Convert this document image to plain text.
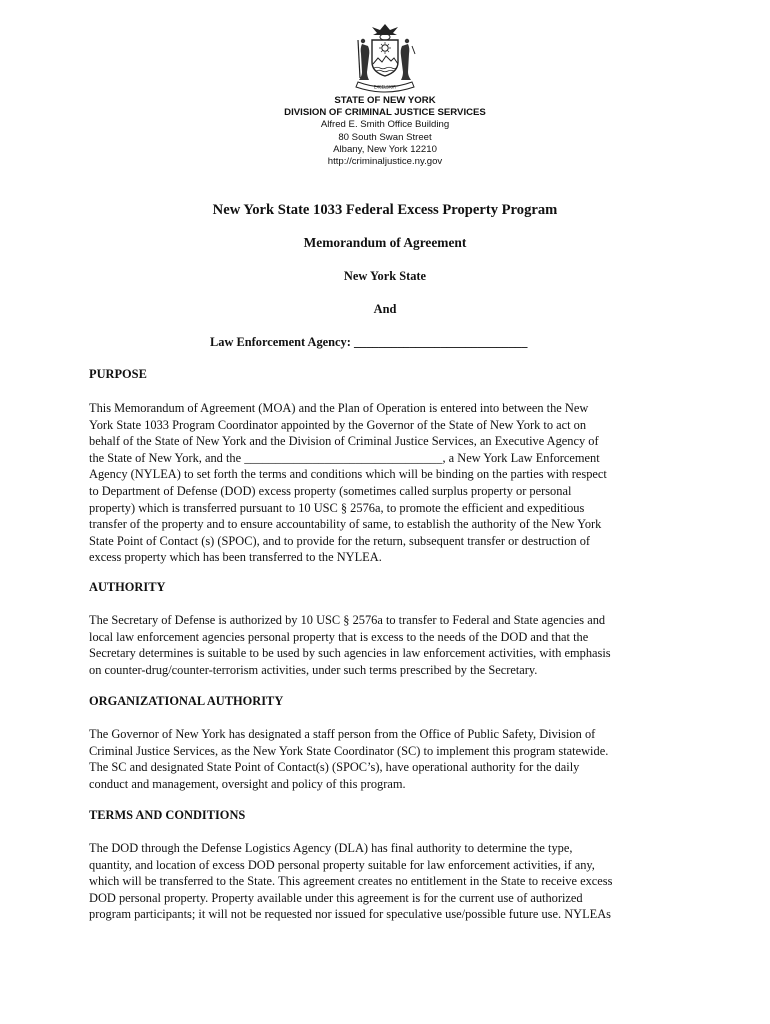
EXCELSIOR
STATE OF NEW YORK
DIVISION OF CRIMINAL JUSTICE SERVICES
Alfred E. Smith Office Building
80 South Swan Street
Albany, New York 12210
http://criminaljustice.ny.gov

New York State 1033 Federal Excess Property Program

Memorandum of Agreement

New York State

And

Law Enforcement Agency: ____________________________

PURPOSE

This Memorandum of Agreement (MOA) and the Plan of Operation is entered into between the New
York State 1033 Program Coordinator appointed by the Governor of the State of New York to act on
behalf of the State of New York and the Division of Criminal Justice Services, an Executive Agency of
the State of New York, and the ________________________________, a New York Law Enforcement
Agency (NYLEA) to set forth the terms and conditions which will be binding on the parties with respect
to Department of Defense (DOD) excess property (sometimes called surplus property or personal
property) which is transferred pursuant to 10 USC § 2576a, to promote the efficient and expeditious
transfer of the property and to ensure accountability of same, to establish the authority of the New York
State Point of Contact (s) (SPOC), and to provide for the return, subsequent transfer or destruction of
excess property which has been transferred to the NYLEA.

AUTHORITY

The Secretary of Defense is authorized by 10 USC § 2576a to transfer to Federal and State agencies and
local law enforcement agencies personal property that is excess to the needs of the DOD and that the
Secretary determines is suitable to be used by such agencies in law enforcement activities, with emphasis
on counter-drug/counter-terrorism activities, under such terms prescribed by the Secretary.

ORGANIZATIONAL AUTHORITY

The Governor of New York has designated a staff person from the Office of Public Safety, Division of
Criminal Justice Services, as the New York State Coordinator (SC) to implement this program statewide.
The SC and designated State Point of Contact(s) (SPOC’s), have operational authority for the daily
conduct and management, oversight and policy of this program.

TERMS AND CONDITIONS

The DOD through the Defense Logistics Agency (DLA) has final authority to determine the type,
quantity, and location of excess DOD personal property suitable for law enforcement activities, if any,
which will be transferred to the State. This agreement creates no entitlement in the State to receive excess
DOD personal property. Property available under this agreement is for the current use of authorized
program participants; it will not be requested nor issued for speculative use/possible future use. NYLEAs
